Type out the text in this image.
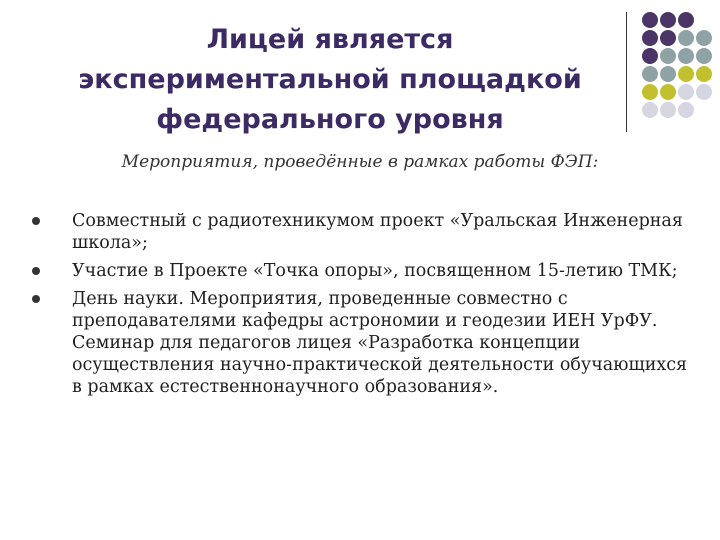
Лицей является
экспериментальной площадкой
федерального уровня
Мероприятия, проведённые в рамках работы ФЭП:
Совместный с радиотехникумом проект «Уральская Инженерная школа»;
Участие в Проекте «Точка опоры», посвященном 15-летию ТМК;
День науки. Мероприятия, проведенные совместно с преподавателями кафедры астрономии и геодезии ИЕН УрФУ. Семинар для педагогов лицея «Разработка концепции осуществления научно-практической деятельности обучающихся в рамках естественнонаучного образования».
